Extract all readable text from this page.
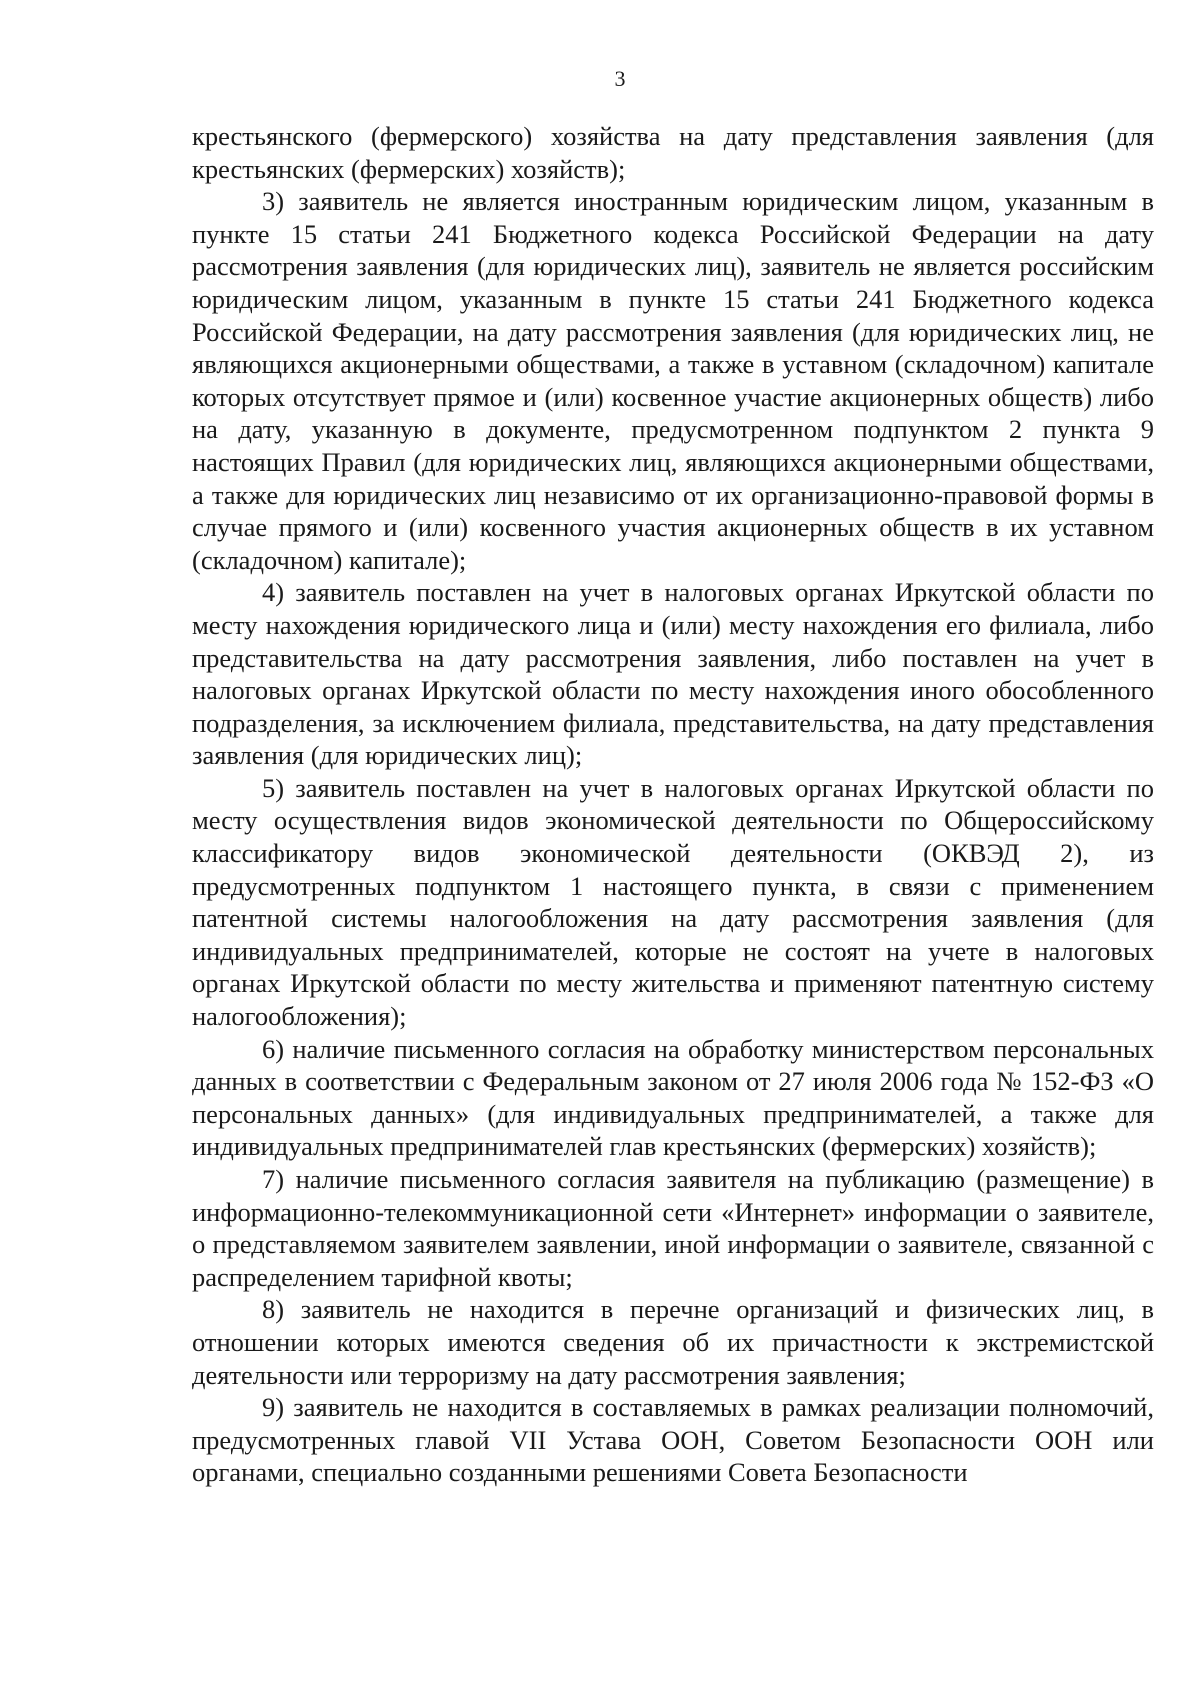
3

крестьянского (фермерского) хозяйства на дату представления заявления (для крестьянских (фермерских) хозяйств);

3) заявитель не является иностранным юридическим лицом, указанным в пункте 15 статьи 241 Бюджетного кодекса Российской Федерации на дату рассмотрения заявления (для юридических лиц), заявитель не является российским юридическим лицом, указанным в пункте 15 статьи 241 Бюджетного кодекса Российской Федерации, на дату рассмотрения заявления (для юридических лиц, не являющихся акционерными обществами, а также в уставном (складочном) капитале которых отсутствует прямое и (или) косвенное участие акционерных обществ) либо на дату, указанную в документе, предусмотренном подпунктом 2 пункта 9 настоящих Правил (для юридических лиц, являющихся акционерными обществами, а также для юридических лиц независимо от их организационно-правовой формы в случае прямого и (или) косвенного участия акционерных обществ в их уставном (складочном) капитале);

4) заявитель поставлен на учет в налоговых органах Иркутской области по месту нахождения юридического лица и (или) месту нахождения его филиала, либо представительства на дату рассмотрения заявления, либо поставлен на учет в налоговых органах Иркутской области по месту нахождения иного обособленного подразделения, за исключением филиала, представительства, на дату представления заявления (для юридических лиц);

5) заявитель поставлен на учет в налоговых органах Иркутской области по месту осуществления видов экономической деятельности по Общероссийскому классификатору видов экономической деятельности (ОКВЭД 2), из предусмотренных подпунктом 1 настоящего пункта, в связи с применением патентной системы налогообложения на дату рассмотрения заявления (для индивидуальных предпринимателей, которые не состоят на учете в налоговых органах Иркутской области по месту жительства и применяют патентную систему налогообложения);

6) наличие письменного согласия на обработку министерством персональных данных в соответствии с Федеральным законом от 27 июля 2006 года № 152-ФЗ «О персональных данных» (для индивидуальных предпринимателей, а также для индивидуальных предпринимателей глав крестьянских (фермерских) хозяйств);

7) наличие письменного согласия заявителя на публикацию (размещение) в информационно-телекоммуникационной сети «Интернет» информации о заявителе, о представляемом заявителем заявлении, иной информации о заявителе, связанной с распределением тарифной квоты;

8) заявитель не находится в перечне организаций и физических лиц, в отношении которых имеются сведения об их причастности к экстремистской деятельности или терроризму на дату рассмотрения заявления;

9) заявитель не находится в составляемых в рамках реализации полномочий, предусмотренных главой VII Устава ООН, Советом Безопасности ООН или органами, специально созданными решениями Совета Безопасности
